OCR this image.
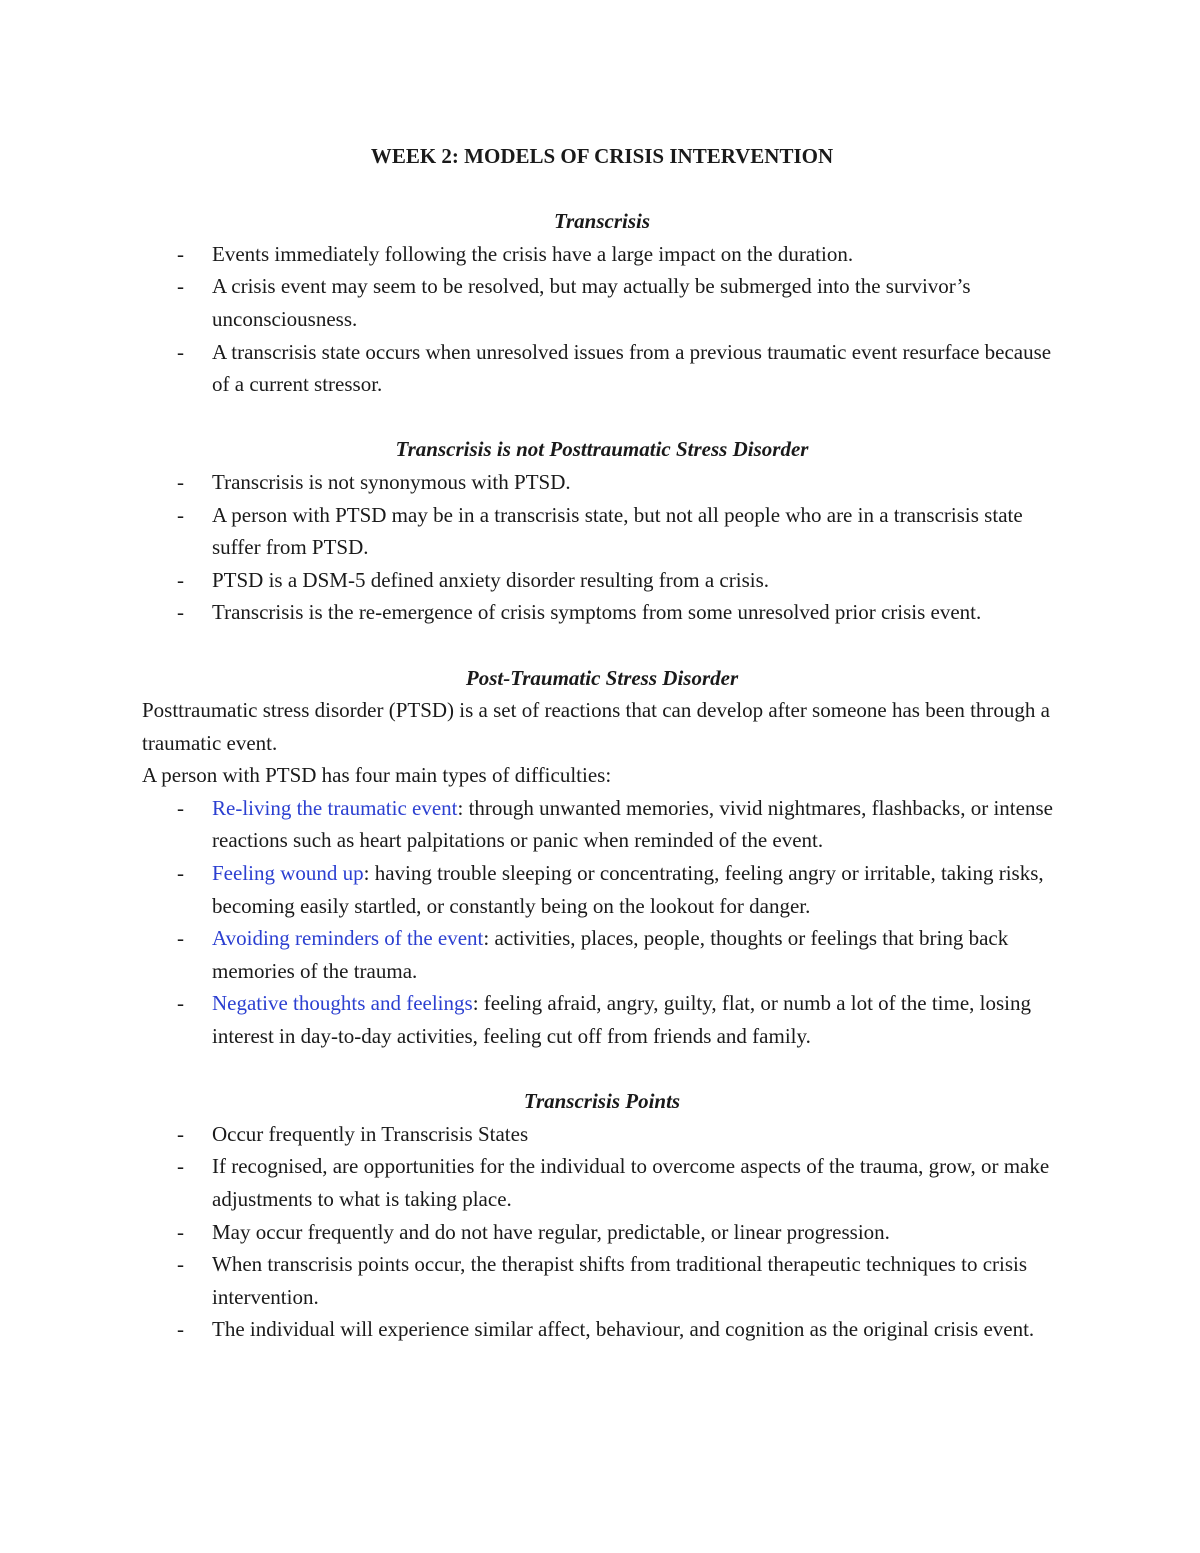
WEEK 2: MODELS OF CRISIS INTERVENTION
Transcrisis
- Events immediately following the crisis have a large impact on the duration.
- A crisis event may seem to be resolved, but may actually be submerged into the survivor’s unconsciousness.
- A transcrisis state occurs when unresolved issues from a previous traumatic event resurface because of a current stressor.
Transcrisis is not Posttraumatic Stress Disorder
- Transcrisis is not synonymous with PTSD.
- A person with PTSD may be in a transcrisis state, but not all people who are in a transcrisis state suffer from PTSD.
- PTSD is a DSM-5 defined anxiety disorder resulting from a crisis.
- Transcrisis is the re-emergence of crisis symptoms from some unresolved prior crisis event.
Post-Traumatic Stress Disorder

Posttraumatic stress disorder (PTSD) is a set of reactions that can develop after someone has been through a traumatic event.

A person with PTSD has four main types of difficulties:

- Re-living the traumatic event: through unwanted memories, vivid nightmares, flashbacks, or intense reactions such as heart palpitations or panic when reminded of the event.
- Feeling wound up: having trouble sleeping or concentrating, feeling angry or irritable, taking risks, becoming easily startled, or constantly being on the lookout for danger.
- Avoiding reminders of the event: activities, places, people, thoughts or feelings that bring back memories of the trauma.
- Negative thoughts and feelings: feeling afraid, angry, guilty, flat, or numb a lot of the time, losing interest in day-to-day activities, feeling cut off from friends and family.
Transcrisis Points
- Occur frequently in Transcrisis States
- If recognised, are opportunities for the individual to overcome aspects of the trauma, grow, or make adjustments to what is taking place.
- May occur frequently and do not have regular, predictable, or linear progression.
- When transcrisis points occur, the therapist shifts from traditional therapeutic techniques to crisis intervention.
- The individual will experience similar affect, behaviour, and cognition as the original crisis event.
